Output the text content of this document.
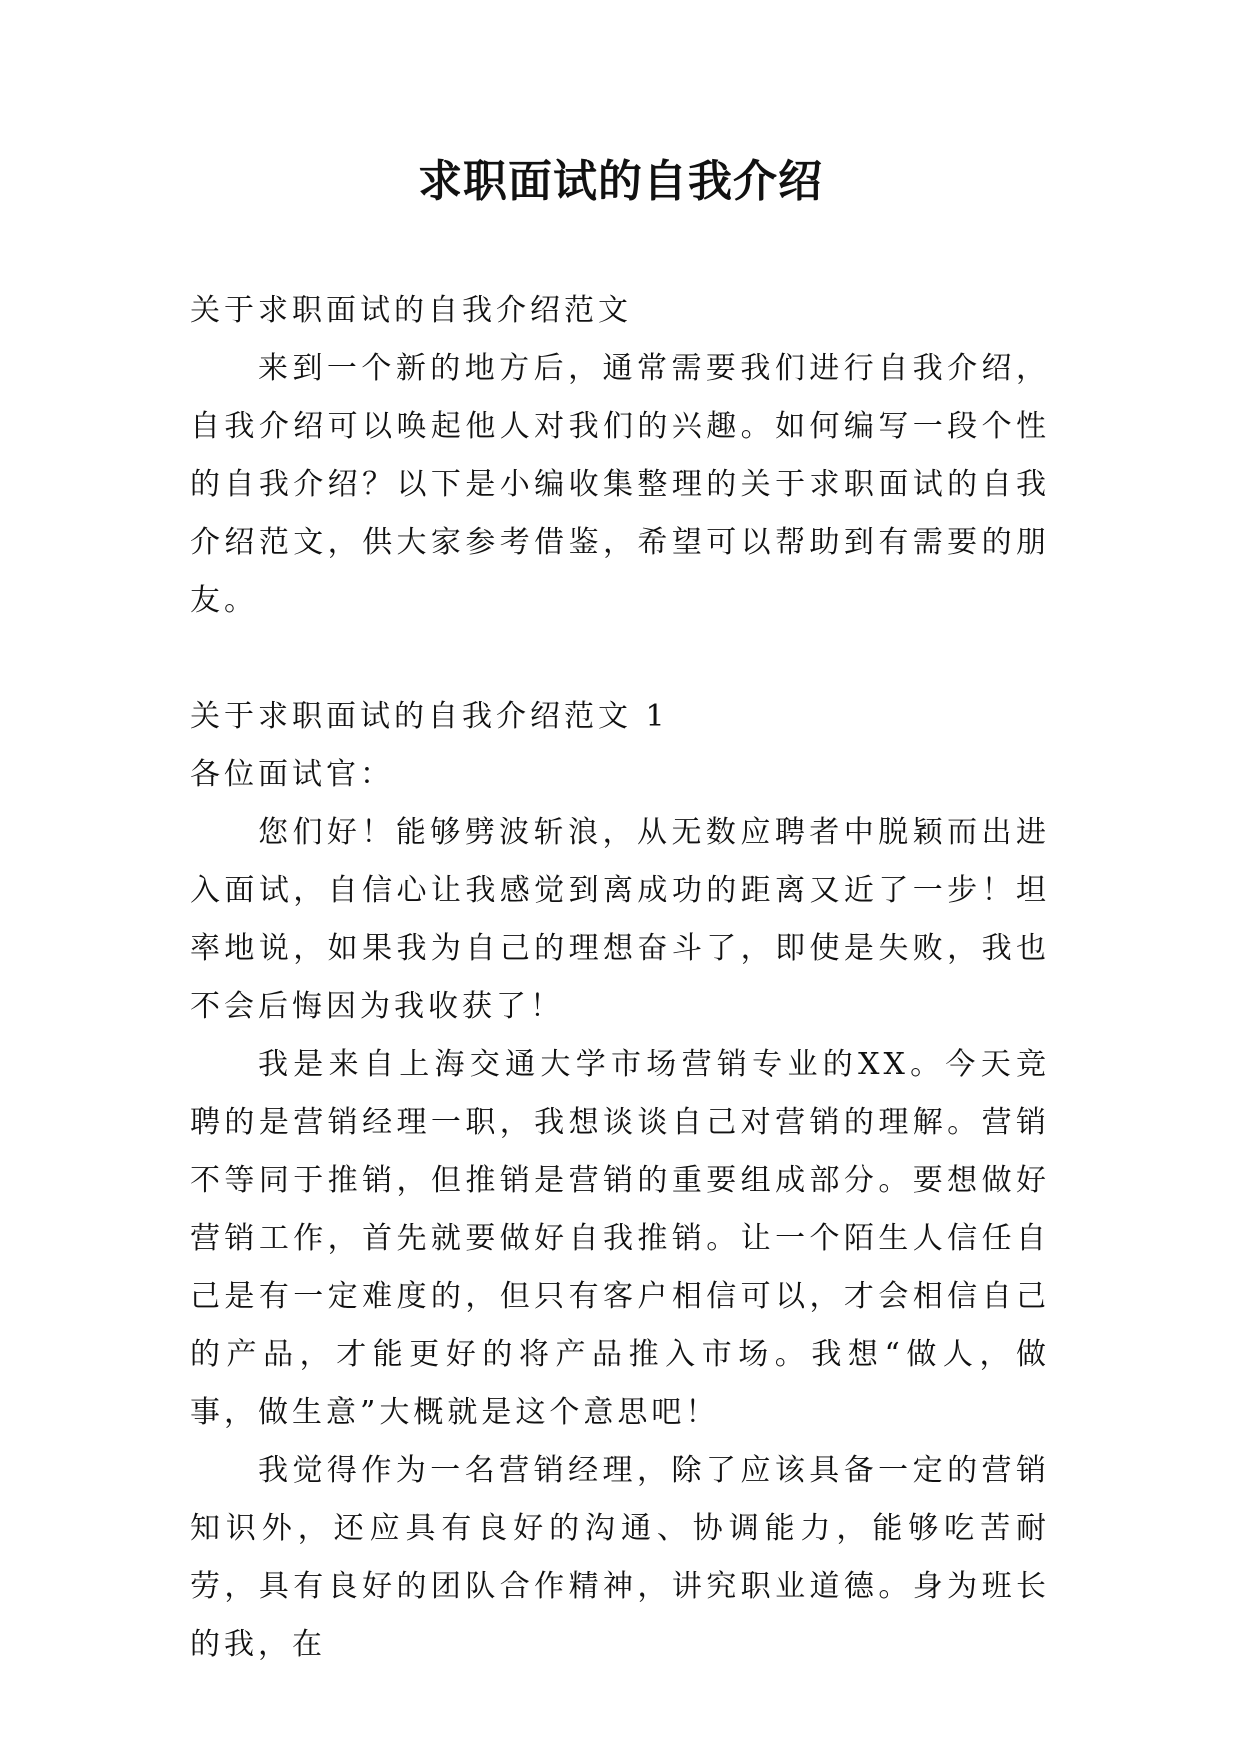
求职面试的自我介绍

关于求职面试的自我介绍范文

来到一个新的地方后，通常需要我们进行自我介绍，自我介绍可以唤起他人对我们的兴趣。如何编写一段个性的自我介绍？以下是小编收集整理的关于求职面试的自我介绍范文，供大家参考借鉴，希望可以帮助到有需要的朋友。

关于求职面试的自我介绍范文 1

各位面试官：

您们好！能够劈波斩浪，从无数应聘者中脱颖而出进入面试，自信心让我感觉到离成功的距离又近了一步！坦率地说，如果我为自己的理想奋斗了，即使是失败，我也不会后悔因为我收获了！

我是来自上海交通大学市场营销专业的XX。今天竞聘的是营销经理一职，我想谈谈自己对营销的理解。营销不等同于推销，但推销是营销的重要组成部分。要想做好营销工作，首先就要做好自我推销。让一个陌生人信任自己是有一定难度的，但只有客户相信可以，才会相信自己的产品，才能更好的将产品推入市场。我想“做人，做事，做生意”大概就是这个意思吧！

我觉得作为一名营销经理，除了应该具备一定的营销知识外，还应具有良好的沟通、协调能力，能够吃苦耐劳，具有良好的团队合作精神，讲究职业道德。身为班长的我，在
